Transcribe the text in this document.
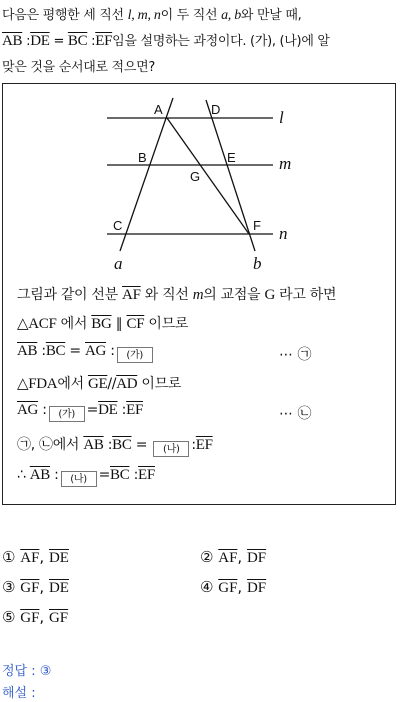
다음은 평행한 세 직선 l, m, n이 두 직선 a, b와 만날 때,
$\overline{AB}$ $:\overline{DE} = \overline{BC}$ $:\overline{EF}$임을 설명하는 과정이다. (가), (나)에 알
맞은 것을 순서대로 적으면?
A	D
B	E
G
C	F
l
m
n
a	b
그림과 같이 선분 $\overline{AF}$ 와 직선 m의 교점을 G 라고 하면
△ACF 에서 $\overline{BG}$ ∥ $\overline{CF}$ 이므로
$\overline{AB}$ $:\overline{BC} = \overline{AG}$ : (가)	⋯ ㉠
△FDA에서 $\overline{GE}//\overline{AD}$ 이므로
$\overline{AG}$ : (가) $=\overline{DE}$ $:\overline{EF}$	⋯ ㉡
㉠, ㉡에서 $\overline{AB}$ $:\overline{BC}$ = (나) $:\overline{EF}$
∴ $\overline{AB}$ : (나) $=\overline{BC}$ $:\overline{EF}$
① $\overline{AF}$, $\overline{DE}$	② $\overline{AF}$, $\overline{DF}$
③ $\overline{GF}$, $\overline{DE}$	④ $\overline{GF}$, $\overline{DF}$
⑤ $\overline{GF}$, $\overline{GF}$
정답 : ③
해설 :
